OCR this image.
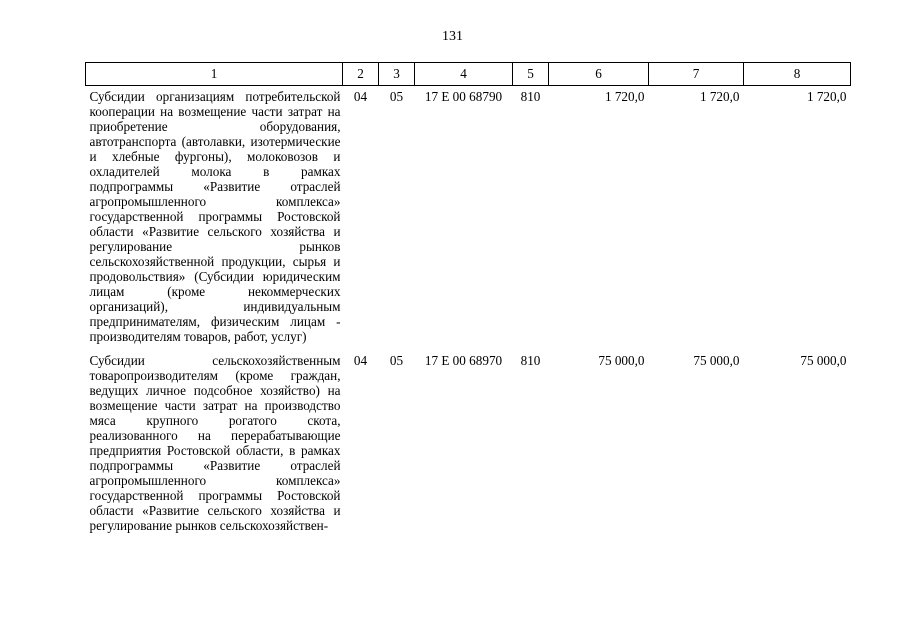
131
1	2	3	4	5	6	7	8
Субсидии организациям потребительской кооперации на возмещение части затрат на приобретение оборудования, автотранспорта (автолавки, изотермические и хлебные фургоны), молоковозов и охладителей молока в рамках подпрограммы «Развитие отраслей агропромышленного комплекса» государственной программы Ростовской области «Развитие сельского хозяйства и регулирование рынков сельскохозяйственной продукции, сырья и продовольствия» (Субсидии юридическим лицам (кроме некоммерческих организаций), индивидуальным предпринимателям, физическим лицам - производителям товаров, работ, услуг)	04	05	17 Е 00 68790	810	1 720,0	1 720,0	1 720,0
Субсидии сельскохозяйственным товаропроизводителям (кроме граждан, ведущих личное подсобное хозяйство) на возмещение части затрат на производство мяса крупного рогатого скота, реализованного на перерабатывающие предприятия Ростовской области, в рамках подпрограммы «Развитие отраслей агропромышленного комплекса» государственной программы Ростовской области «Развитие сельского хозяйства и регулирование рынков сельскохозяйствен-	04	05	17 Е 00 68970	810	75 000,0	75 000,0	75 000,0
